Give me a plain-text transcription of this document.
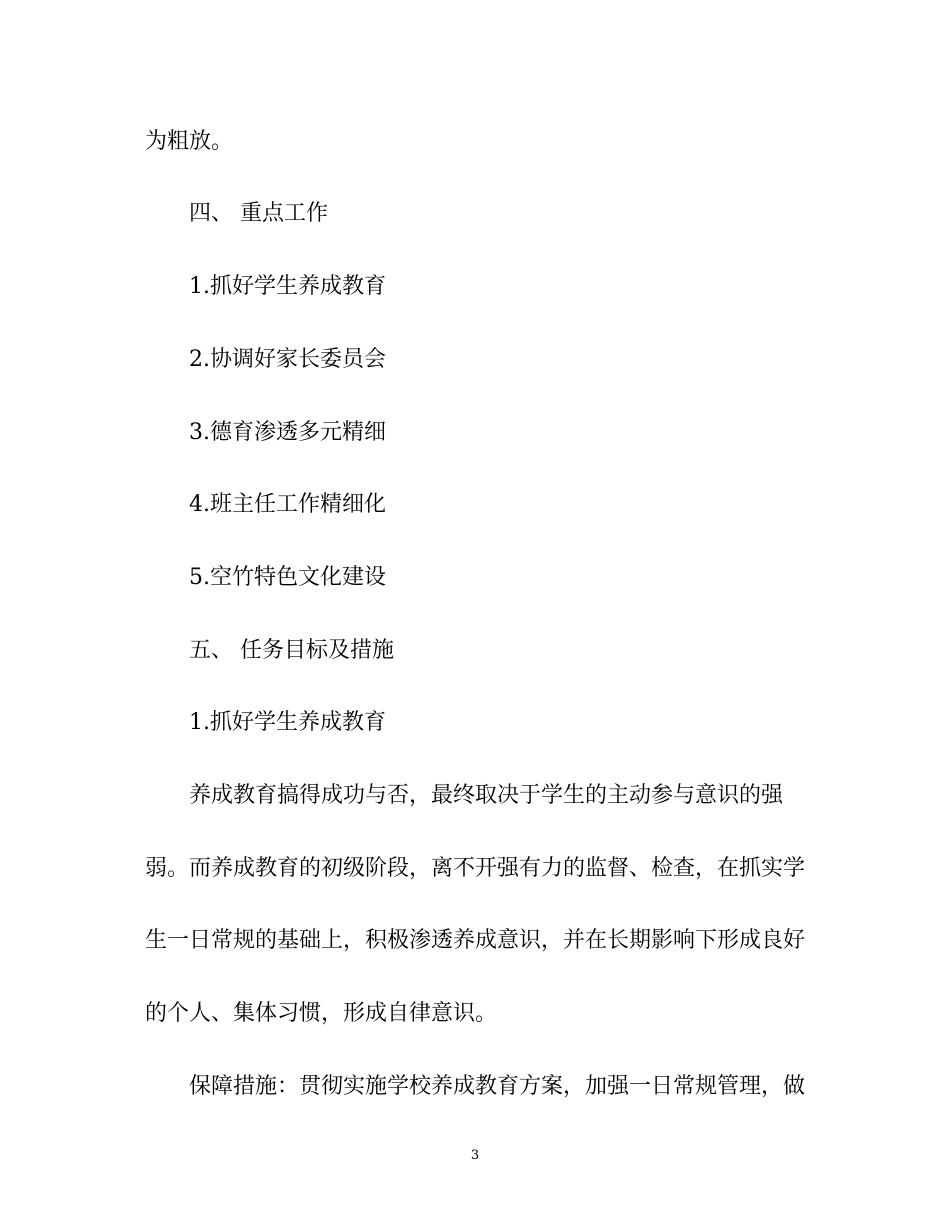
为粗放。
四、 重点工作
1.抓好学生养成教育
2.协调好家长委员会
3.德育渗透多元精细
4.班主任工作精细化
5.空竹特色文化建设
五、 任务目标及措施
1.抓好学生养成教育
养成教育搞得成功与否，最终取决于学生的主动参与意识的强
弱。而养成教育的初级阶段，离不开强有力的监督、检查，在抓实学
生一日常规的基础上，积极渗透养成意识，并在长期影响下形成良好
的个人、集体习惯，形成自律意识。
保障措施：贯彻实施学校养成教育方案，加强一日常规管理，做
3
